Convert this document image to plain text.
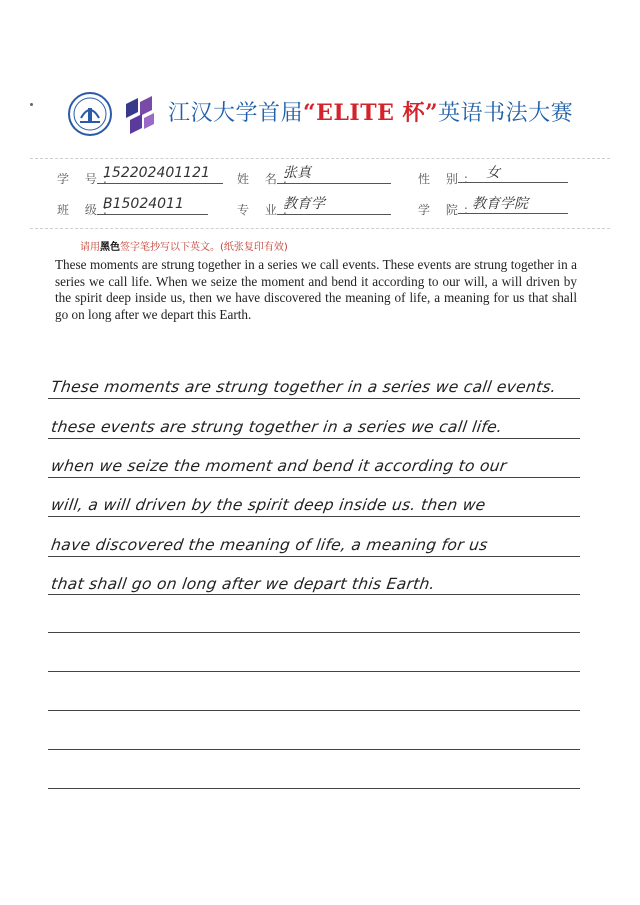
江汉大学首届“ELITE 杯”英语书法大赛
学 号:
152202401121	姓 名:
张真	性 别: 女
班 级:
B15024011	专 业:
教育学	学 院:
教育学院
请用黑色签字笔抄写以下英文。(纸张复印有效)
These moments are strung together in a series we call events. These events are strung together in a series we call life. When we seize the moment and bend it according to our will, a will driven by the spirit deep inside us, then we have discovered the meaning of life, a meaning for us that shall go on long after we depart this Earth.
These moments are strung together in a series we call events.
these events are strung together in a series we call life.
when we seize the moment and bend it according to our
will, a will driven by the spirit deep inside us. then we
have discovered the meaning of life, a meaning for us
that shall go on long after we depart this Earth.
